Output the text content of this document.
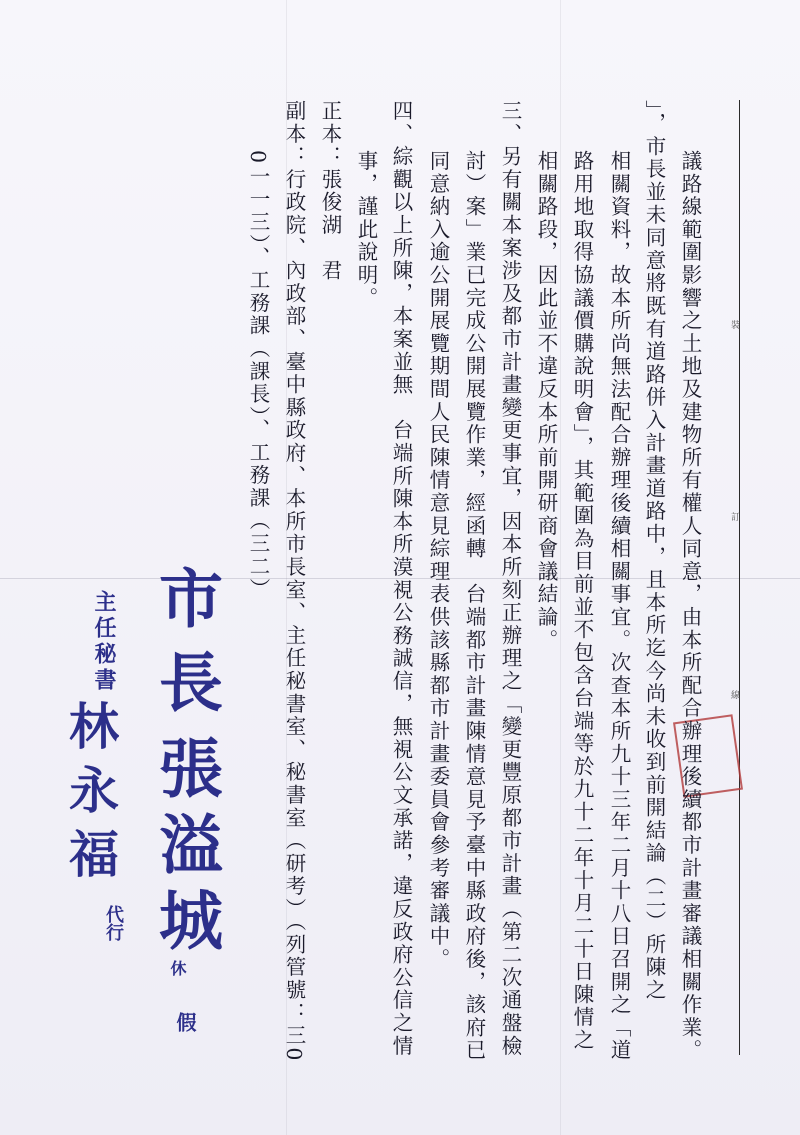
裝
訂
線
議路線範圍影響之土地及建物所有權人同意，由本所配合辦理後續都市計畫審議相關作業。
」，市長並未同意將既有道路併入計畫道路中，且本所迄今尚未收到前開結論（二）所陳之
相關資料，故本所尚無法配合辦理後續相關事宜。次查本所九十三年二月十八日召開之「道
路用地取得協議價購說明會」，其範圍為目前並不包含台端等於九十二年十月二十日陳情之
相關路段，因此並不違反本所前開研商會議結論。
三、另有關本案涉及都市計畫變更事宜，因本所刻正辦理之「變更豐原都市計畫（第二次通盤檢
討）案」業已完成公開展覽作業，經函轉　台端都市計畫陳情意見予臺中縣政府後，該府已
同意納入逾公開展覽期間人民陳情意見綜理表供該縣都市計畫委員會參考審議中。
四、綜觀以上所陳，本案並無　台端所陳本所漠視公務誠信，無視公文承諾，違反政府公信之情
事，謹此說明。
正本：張俊湖　君
副本：行政院、內政部、臺中縣政府、本所市長室、主任秘書室、秘書室（研考）（列管號：三0
0一一三）、工務課（課長）、工務課（三二）
市長
張溢城
休
假
主任秘書
林永福
代行
